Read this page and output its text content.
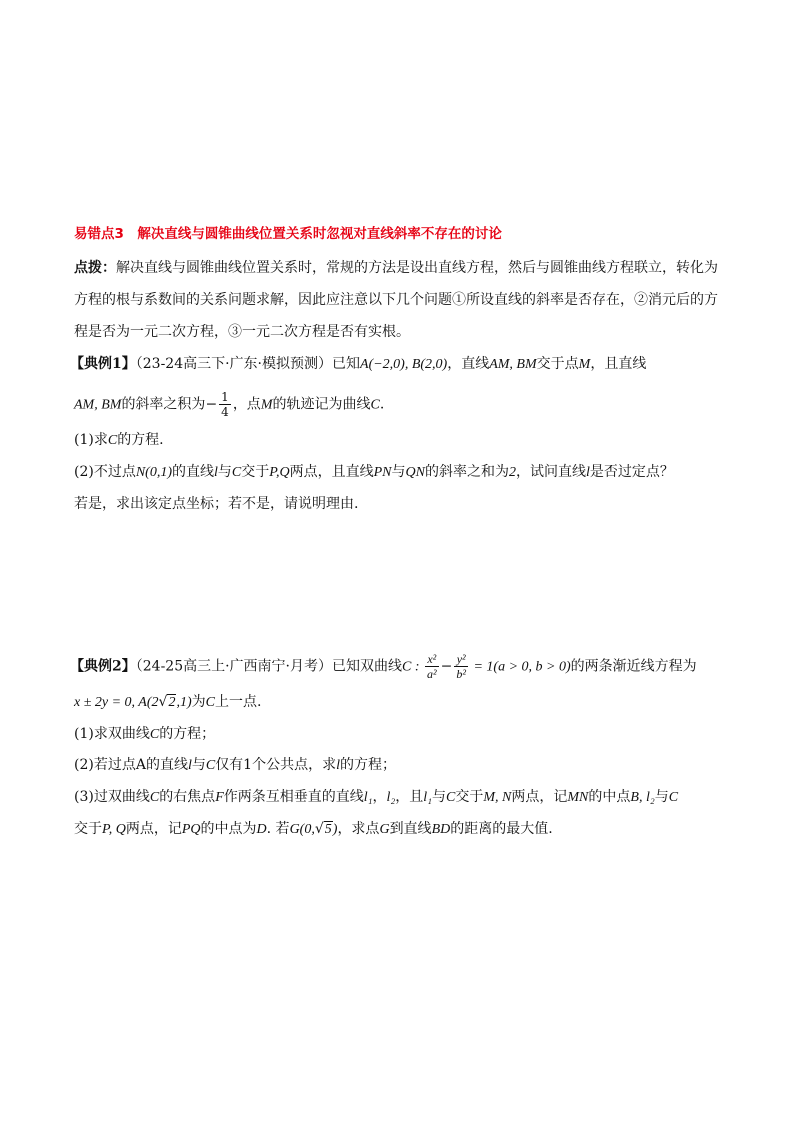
易错点3　解决直线与圆锥曲线位置关系时忽视对直线斜率不存在的讨论
点拨：解决直线与圆锥曲线位置关系时，常规的方法是设出直线方程，然后与圆锥曲线方程联立，转化为
方程的根与系数间的关系问题求解，因此应注意以下几个问题①所设直线的斜率是否存在，②消元后的方
程是否为一元二次方程，③一元二次方程是否有实根。
【典例1】（23-24高三下·广东·模拟预测）已知A(−2,0), B(2,0)，直线AM, BM交于点M，且直线
AM, BM的斜率之积为− $\frac{1}{4}$ ，点M的轨迹记为曲线C.
(1)求C的方程.
(2)不过点N(0,1)的直线l与C交于P,Q两点，且直线PN与QN的斜率之和为2，试问直线l是否过定点？
若是，求出该定点坐标；若不是，请说明理由.
【典例2】（24-25高三上·广西南宁·月考）已知双曲线C : $\frac{\text{x²}}{\text{a²}} - \frac{\text{y²}}{\text{b²}} = 1(a > 0$, b > 0)的两条渐近线方程为
x ± 2y = 0, A(2√2,1)为C上一点.
(1)求双曲线C的方程；
(2)若过点A的直线l与C仅有1个公共点，求l的方程；
(3)过双曲线C的右焦点F作两条互相垂直的直线l₁，l₂，且l₁与C交于M, N两点，记MN的中点B, l₂与C
交于P, Q两点，记PQ的中点为D. 若G(0,√5)，求点G到直线BD的距离的最大值.
